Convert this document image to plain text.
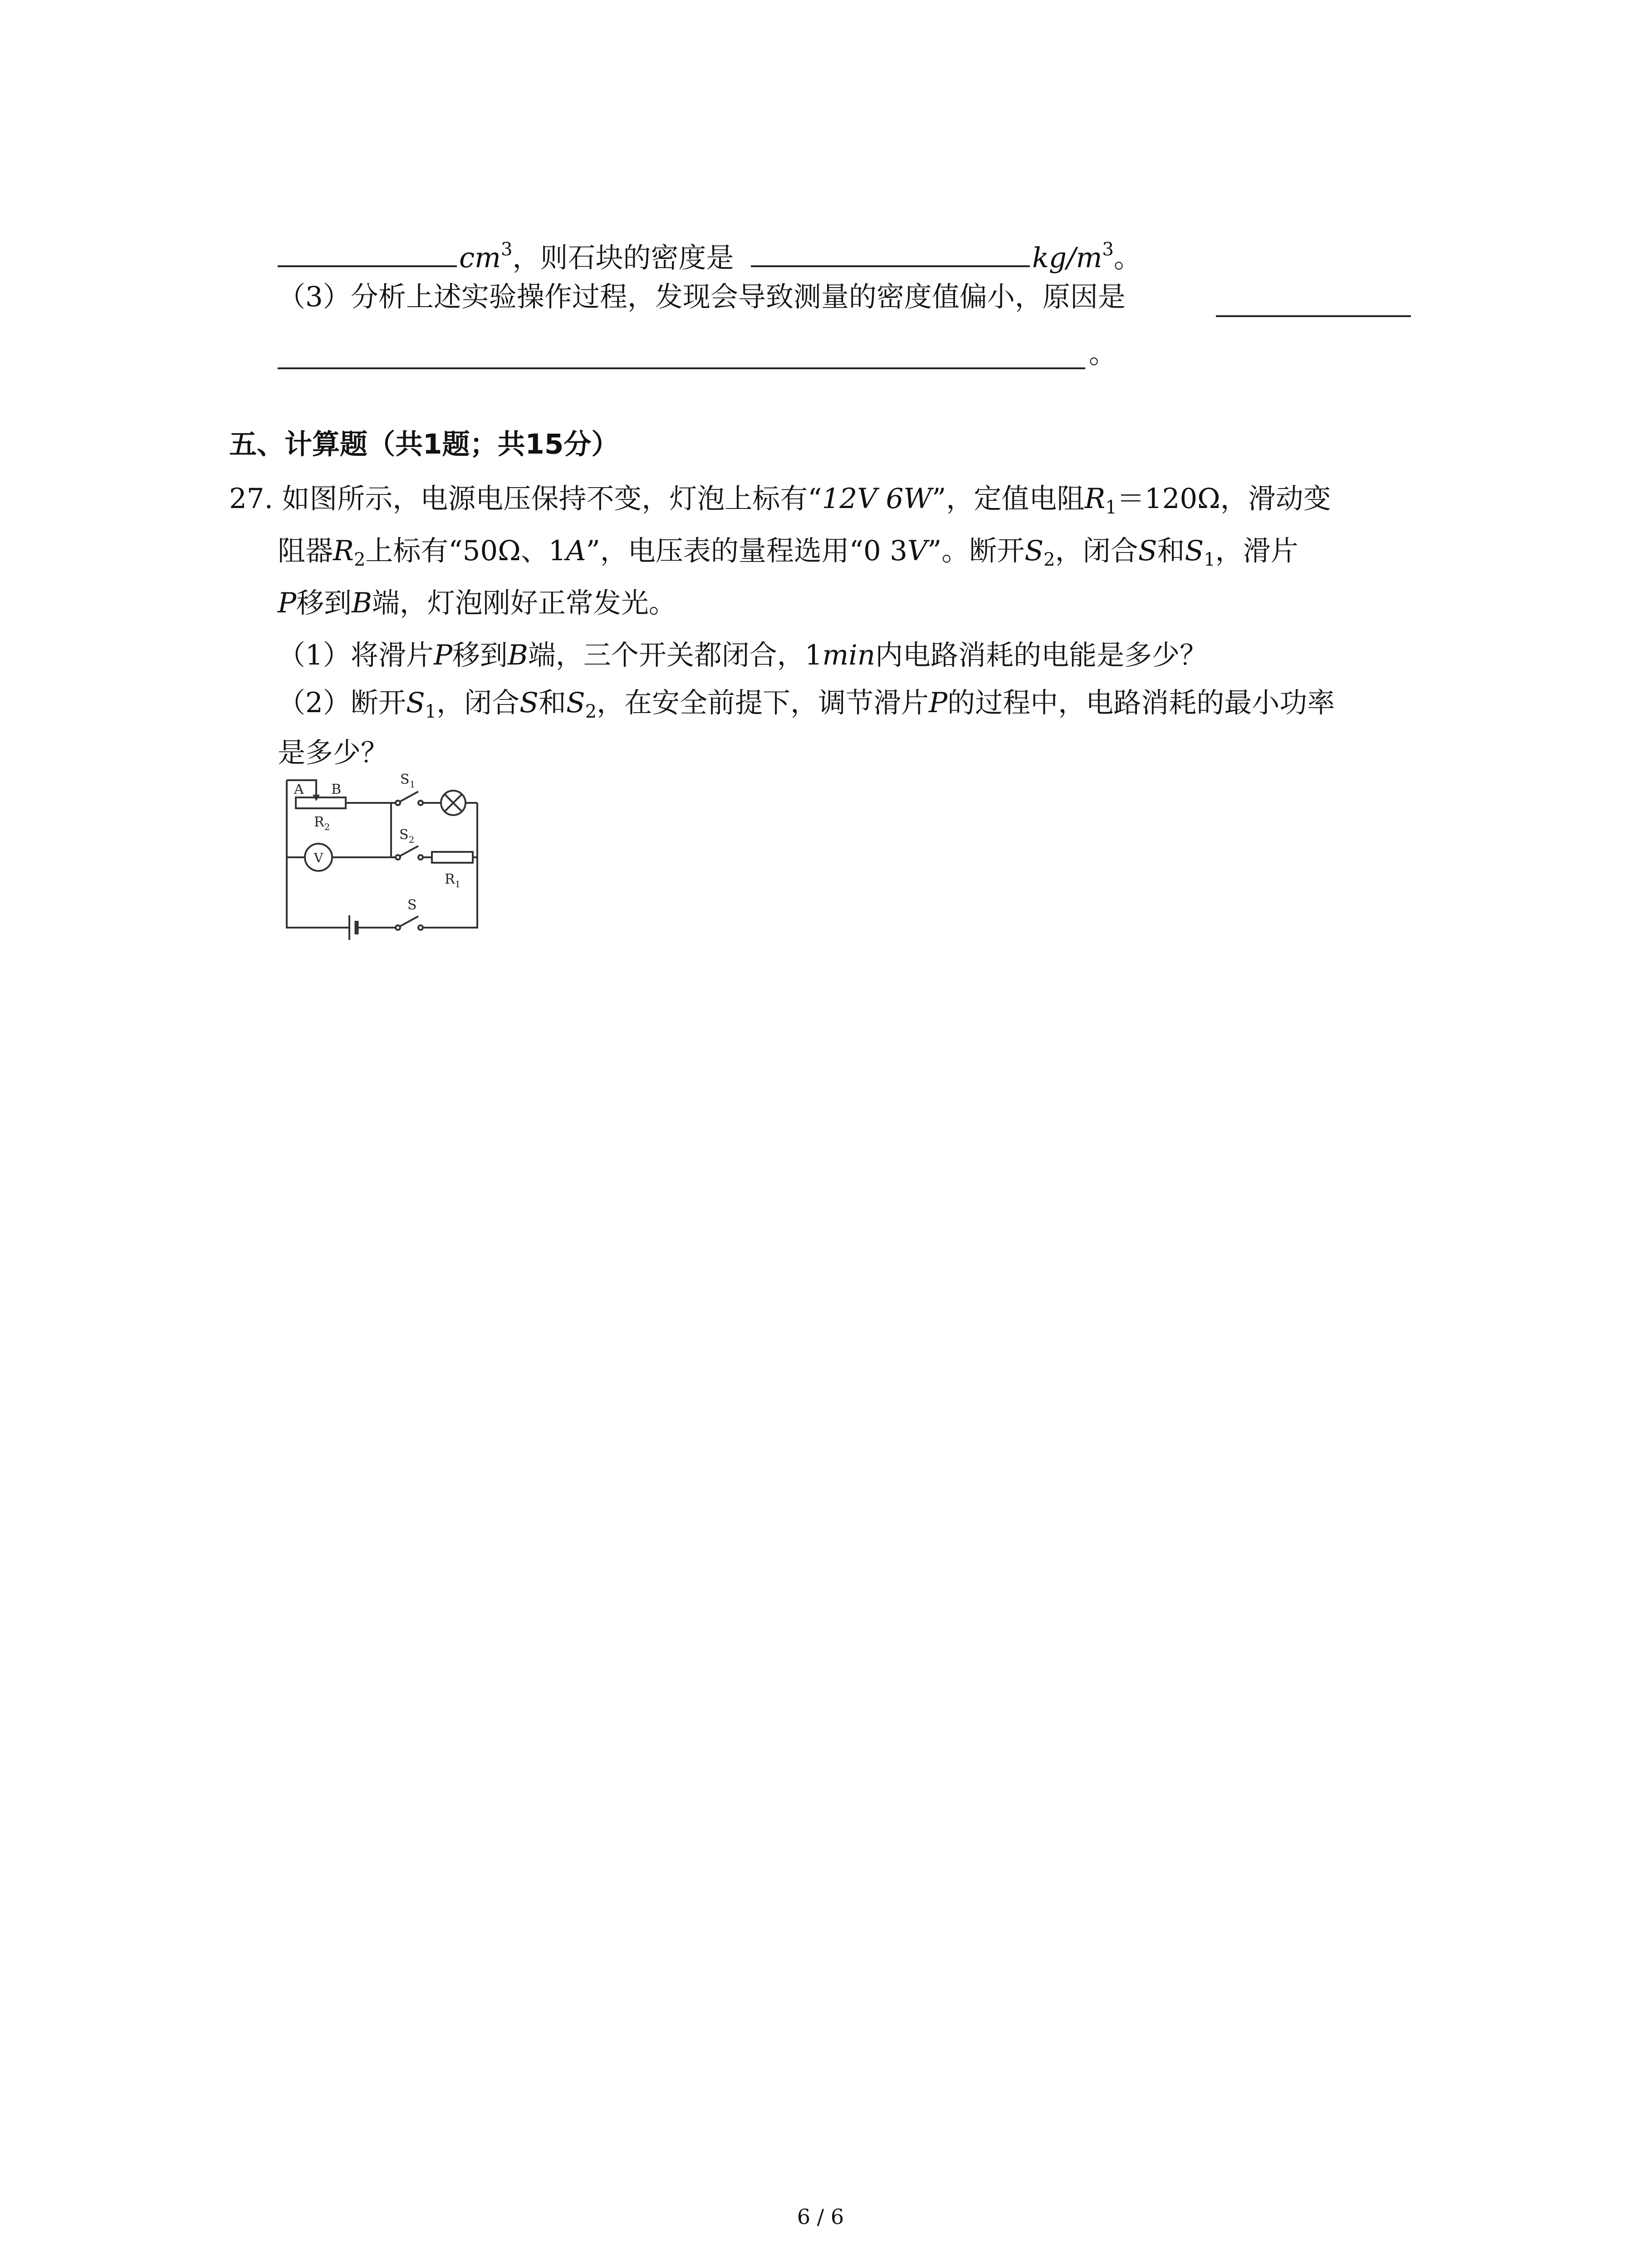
$cm^3$，则石块的密度是	$kg/m^3$。
（3）分析上述实验操作过程，发现会导致测量的密度值偏小，原因是
。
五、计算题（共1题；共15分）
27. 如图所示，电源电压保持不变，灯泡上标有“12V 6W”，定值电阻$R_1=120\Omega$，滑动变
阻器$R_2$上标有“50Ω、1A”，电压表的量程选用“0 3V”。断开$S_2$，闭合S和$S_1$，滑片
P移到B端，灯泡刚好正常发光。
（1）将滑片P移到B端，三个开关都闭合，1min内电路消耗的电能是多少？
（2）断开$S_1$，闭合S和$S_2$，在安全前提下，调节滑片P的过程中，电路消耗的最小功率
是多少？
A B
$R_2$
$S_1$
$S_2$
$R_1$
S
V
6 / 6
